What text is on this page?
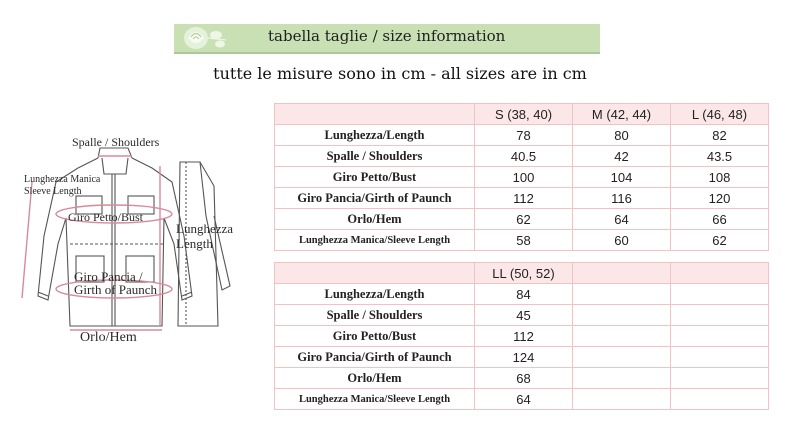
tabella taglie / size information
tutte le misure sono in cm - all sizes are in cm
Spalle / Shoulders
Lunghezza Manica
Sleeve Length
Giro Petto/Bust
Lunghezza
Length
Giro Pancia /
Girth of Paunch
Orlo/Hem
	S (38, 40)	M (42, 44)	L (46, 48)
Lunghezza/Length	78	80	82
Spalle / Shoulders	40.5	42	43.5
Giro Petto/Bust	100	104	108
Giro Pancia/Girth of Paunch	112	116	120
Orlo/Hem	62	64	66
Lunghezza Manica/Sleeve Length	58	60	62
	LL (50, 52)		
Lunghezza/Length	84		
Spalle / Shoulders	45		
Giro Petto/Bust	112		
Giro Pancia/Girth of Paunch	124		
Orlo/Hem	68		
Lunghezza Manica/Sleeve Length	64		
